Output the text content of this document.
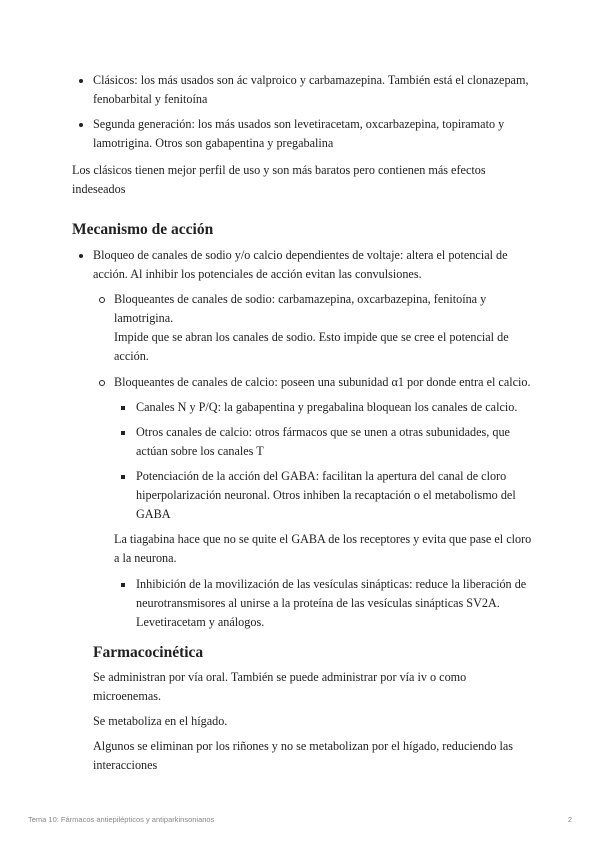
Clásicos: los más usados son ác valproico y carbamazepina. También está el clonazepam, fenobarbital y fenitoína
Segunda generación: los más usados son levetiracetam, oxcarbazepina, topiramato y lamotrigina. Otros son gabapentina y pregabalina

Los clásicos tienen mejor perfil de uso y son más baratos pero contienen más efectos indeseados

Mecanismo de acción
Bloqueo de canales de sodio y/o calcio dependientes de voltaje: altera el potencial de acción. Al inhibir los potenciales de acción evitan las convulsiones.
Bloqueantes de canales de sodio: carbamazepina, oxcarbazepina, fenitoína y lamotrigina.
Impide que se abran los canales de sodio. Esto impide que se cree el potencial de acción.
Bloqueantes de canales de calcio: poseen una subunidad α1 por donde entra el calcio.
Canales N y P/Q: la gabapentina y pregabalina bloquean los canales de calcio.
Otros canales de calcio: otros fármacos que se unen a otras subunidades, que actúan sobre los canales T
Potenciación de la acción del GABA: facilitan la apertura del canal de cloro hiperpolarización neuronal. Otros inhiben la recaptación o el metabolismo del GABA

La tiagabina hace que no se quite el GABA de los receptores y evita que pase el cloro a la neurona.

Inhibición de la movilización de las vesículas sinápticas: reduce la liberación de neurotransmisores al unirse a la proteína de las vesículas sinápticas SV2A. Levetiracetam y análogos.
Farmacocinética

Se administran por vía oral. También se puede administrar por vía iv o como microenemas.

Se metaboliza en el hígado.

Algunos se eliminan por los riñones y no se metabolizan por el hígado, reduciendo las interacciones

Tema 10: Fármacos antiepilépticos y antiparkinsonianos	2
